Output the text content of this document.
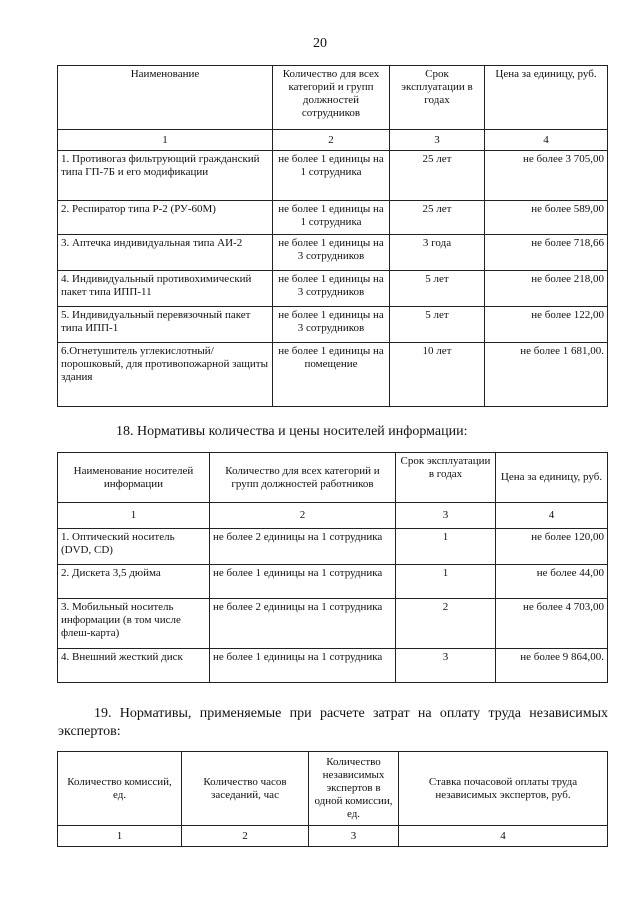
20
Наименование	Количество для всех категорий и групп должностей сотрудников	Срок эксплуатации в годах	Цена за единицу, руб.
1	2	3	4
1. Противогаз фильтрующий гражданский типа ГП-7Б и его модификации	не более 1 единицы на 1 сотрудника	25 лет	не более 3 705,00
2. Респиратор типа Р-2 (РУ-60М)	не более 1 единицы на 1 сотрудника	25 лет	не более 589,00
3. Аптечка индивидуальная типа АИ-2	не более 1 единицы на 3 сотрудников	3 года	не более 718,66
4. Индивидуальный противохимический пакет типа ИПП-11	не более 1 единицы на 3 сотрудников	5 лет	не более 218,00
5. Индивидуальный перевязочный пакет типа ИПП-1	не более 1 единицы на 3 сотрудников	5 лет	не более 122,00
6.Огнетушитель углекислотный/порошковый, для противопожарной защиты здания	не более 1 единицы на помещение	10 лет	не более 1 681,00.
18. Нормативы количества и цены носителей информации:
Наименование носителей информации	Количество для всех категорий и групп должностей работников	Срок эксплуатации в годах	Цена за единицу, руб.
1	2	3	4
1. Оптический носитель (DVD, CD)	не более 2 единицы на 1 сотрудника	1	не более 120,00
2. Дискета 3,5 дюйма	не более 1 единицы на 1 сотрудника	1	не более 44,00
3. Мобильный носитель информации (в том числе флеш-карта)	не более 2 единицы на 1 сотрудника	2	не более 4 703,00
4. Внешний жесткий диск	не более 1 единицы на 1 сотрудника	3	не более 9 864,00.
19. Нормативы, применяемые при расчете затрат на оплату труда независимых экспертов:
Количество комиссий, ед.	Количество часов заседаний, час	Количество независимых экспертов в одной комиссии, ед.	Ставка почасовой оплаты труда независимых экспертов, руб.
1	2	3	4
